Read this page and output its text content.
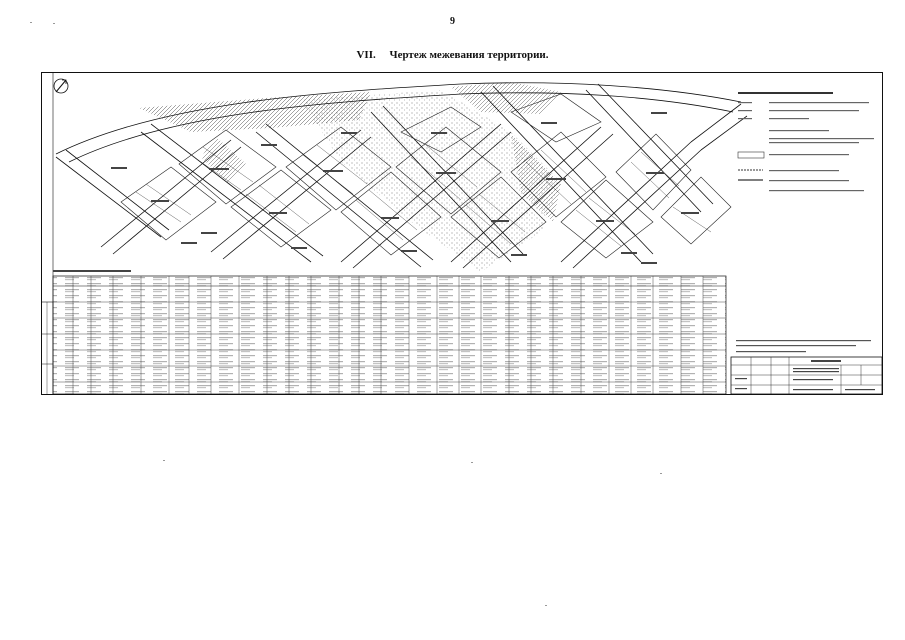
9
VII. Чертеж межевания территории.
